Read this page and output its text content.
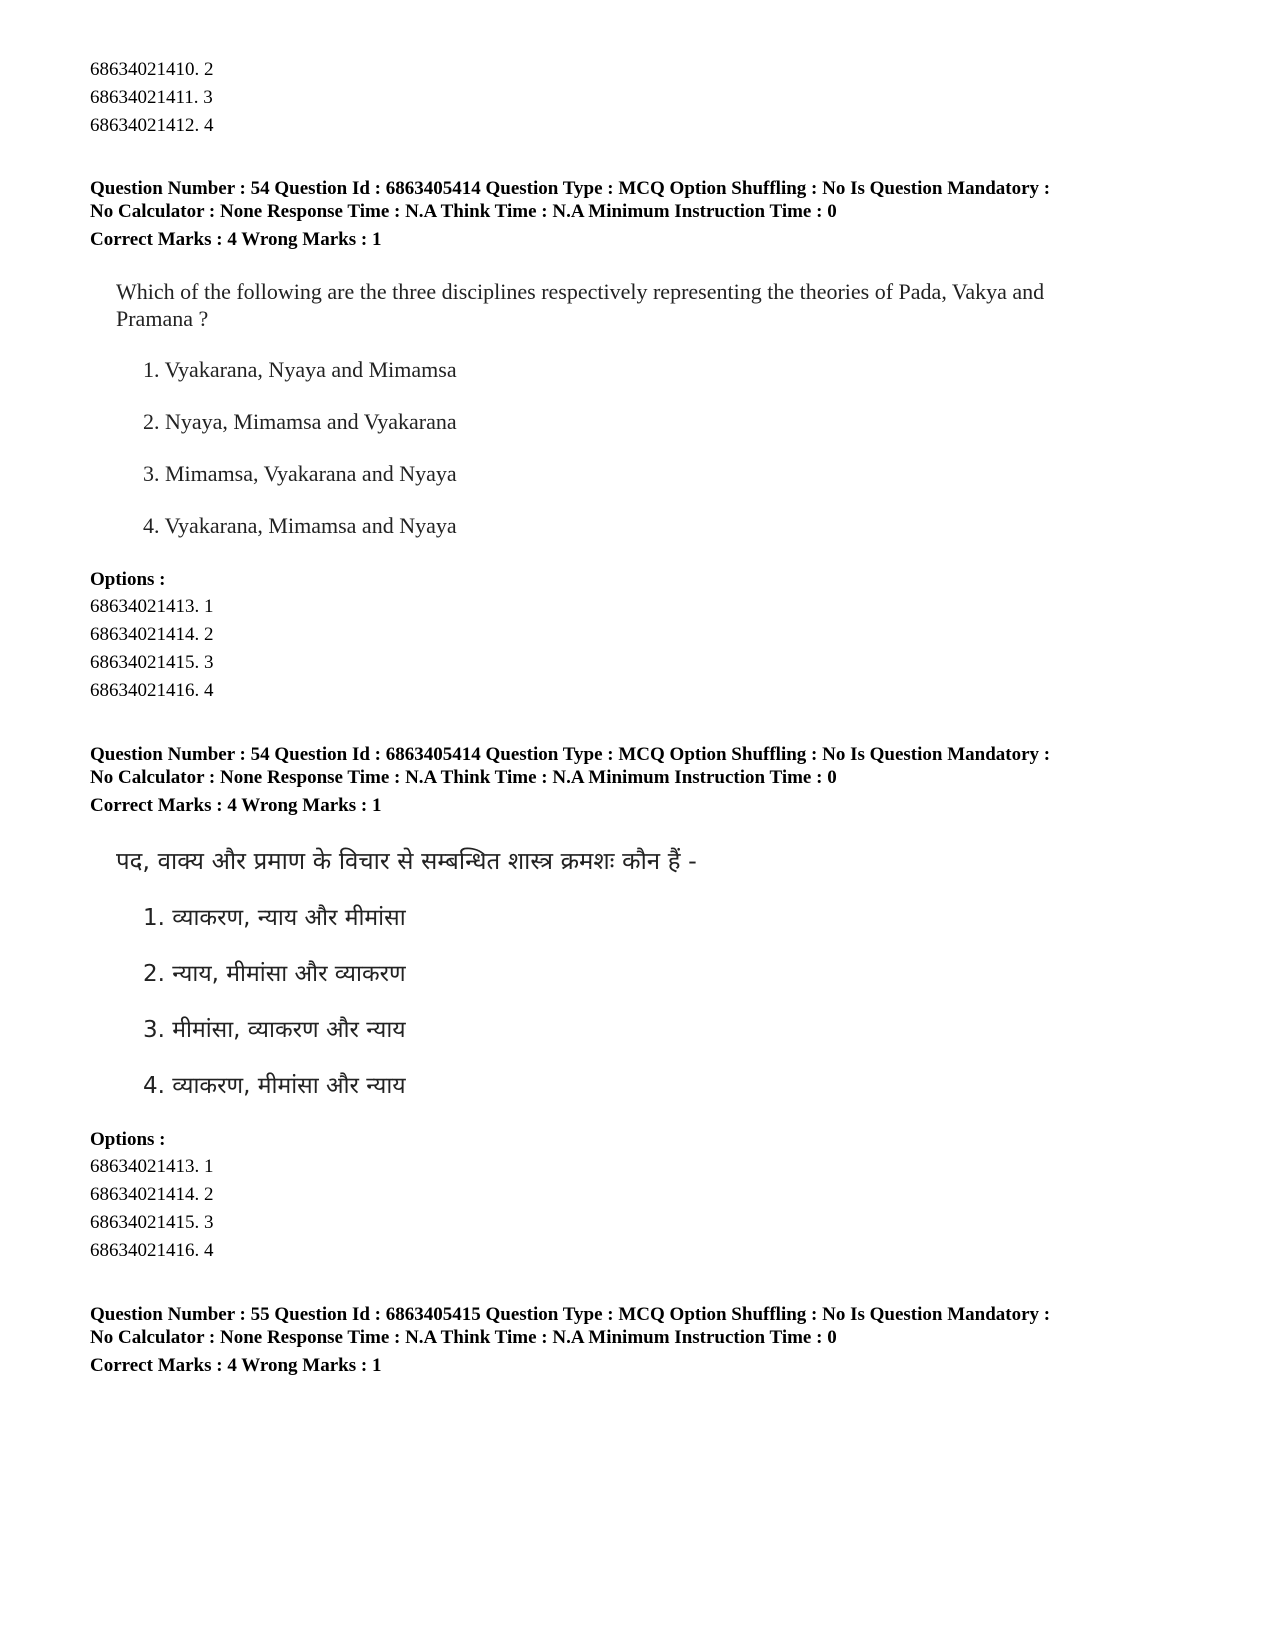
68634021410. 2
68634021411. 3
68634021412. 4
Question Number : 54 Question Id : 6863405414 Question Type : MCQ Option Shuffling : No Is Question Mandatory :
No Calculator : None Response Time : N.A Think Time : N.A Minimum Instruction Time : 0
Correct Marks : 4 Wrong Marks : 1
Which of the following are the three disciplines respectively representing the theories of Pada, Vakya and
Pramana ?
1. Vyakarana, Nyaya and Mimamsa
2. Nyaya, Mimamsa and Vyakarana
3. Mimamsa, Vyakarana and Nyaya
4. Vyakarana, Mimamsa and Nyaya
Options :
68634021413. 1
68634021414. 2
68634021415. 3
68634021416. 4
Question Number : 54 Question Id : 6863405414 Question Type : MCQ Option Shuffling : No Is Question Mandatory :
No Calculator : None Response Time : N.A Think Time : N.A Minimum Instruction Time : 0
Correct Marks : 4 Wrong Marks : 1
पद, वाक्य और प्रमाण के विचार से सम्बन्धित शास्त्र क्रमशः कौन हैं -
1. व्याकरण, न्याय और मीमांसा
2. न्याय, मीमांसा और व्याकरण
3. मीमांसा, व्याकरण और न्याय
4. व्याकरण, मीमांसा और न्याय
Options :
68634021413. 1
68634021414. 2
68634021415. 3
68634021416. 4
Question Number : 55 Question Id : 6863405415 Question Type : MCQ Option Shuffling : No Is Question Mandatory :
No Calculator : None Response Time : N.A Think Time : N.A Minimum Instruction Time : 0
Correct Marks : 4 Wrong Marks : 1
